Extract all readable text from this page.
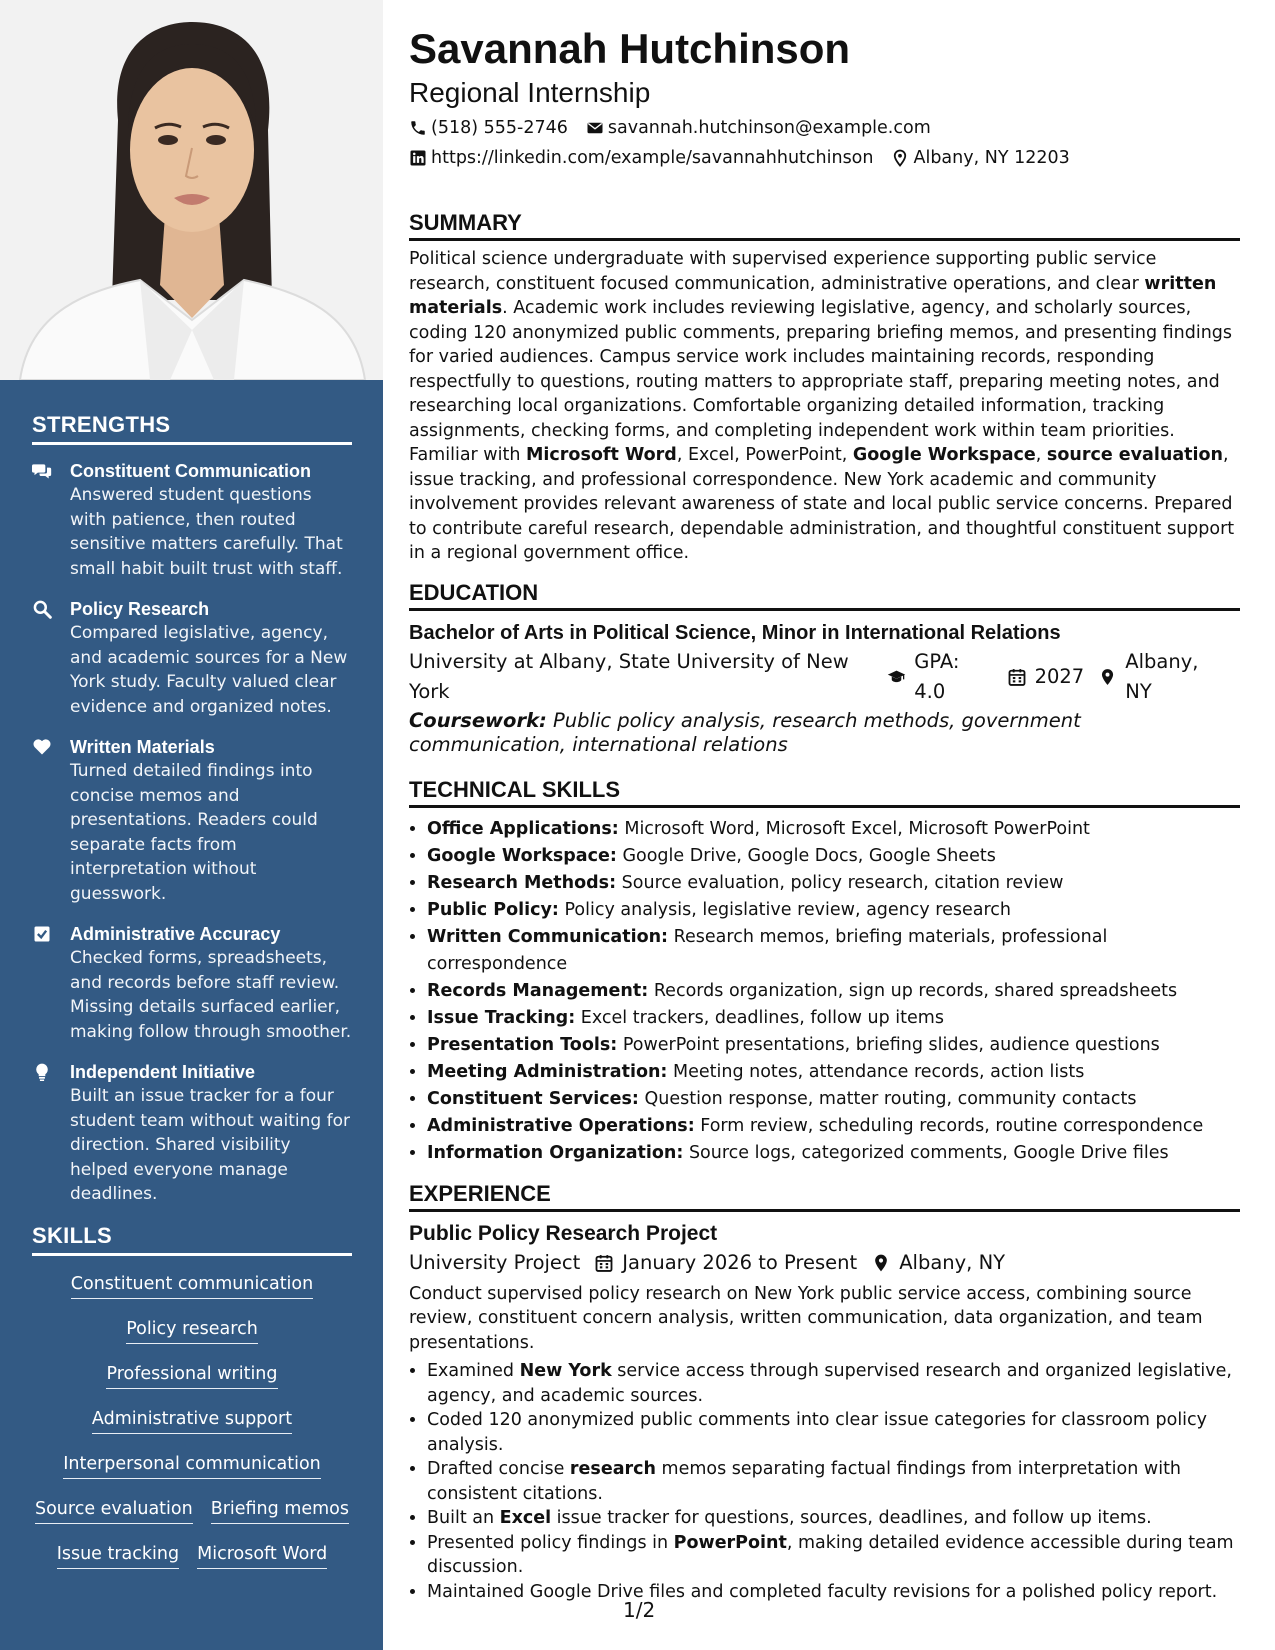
STRENGTHS
Constituent Communication
Answered student questions with patience, then routed sensitive matters carefully. That small habit built trust with staff.
Policy Research
Compared legislative, agency, and academic sources for a New York study. Faculty valued clear evidence and organized notes.
Written Materials
Turned detailed findings into concise memos and presentations. Readers could separate facts from interpretation without guesswork.
Administrative Accuracy
Checked forms, spreadsheets, and records before staff review. Missing details surfaced earlier, making follow through smoother.
Independent Initiative
Built an issue tracker for a four student team without waiting for direction. Shared visibility helped everyone manage deadlines.
SKILLS
Constituent communication
Policy research
Professional writing
Administrative support
Interpersonal communication
Source evaluation Briefing memos
Issue tracking Microsoft Word
Savannah Hutchinson
Regional Internship
(518) 555-2746 savannah.hutchinson@example.com
https://linkedin.com/example/savannahhutchinson Albany, NY 12203
SUMMARY

Political science undergraduate with supervised experience supporting public service research, constituent focused communication, administrative operations, and clear written materials. Academic work includes reviewing legislative, agency, and scholarly sources, coding 120 anonymized public comments, preparing briefing memos, and presenting findings for varied audiences. Campus service work includes maintaining records, responding respectfully to questions, routing matters to appropriate staff, preparing meeting notes, and researching local organizations. Comfortable organizing detailed information, tracking assignments, checking forms, and completing independent work within team priorities. Familiar with Microsoft Word, Excel, PowerPoint, Google Workspace, source evaluation, issue tracking, and professional correspondence. New York academic and community involvement provides relevant awareness of state and local public service concerns. Prepared to contribute careful research, dependable administration, and thoughtful constituent support in a regional government office.

EDUCATION
Bachelor of Arts in Political Science, Minor in International Relations
University at Albany, State University of New York
GPA: 4.0
2027
Albany, NY
Coursework: Public policy analysis, research methods, government communication, international relations
TECHNICAL SKILLS
• Office Applications: Microsoft Word, Microsoft Excel, Microsoft PowerPoint
• Google Workspace: Google Drive, Google Docs, Google Sheets
• Research Methods: Source evaluation, policy research, citation review
• Public Policy: Policy analysis, legislative review, agency research
• Written Communication: Research memos, briefing materials, professional correspondence
• Records Management: Records organization, sign up records, shared spreadsheets
• Issue Tracking: Excel trackers, deadlines, follow up items
• Presentation Tools: PowerPoint presentations, briefing slides, audience questions
• Meeting Administration: Meeting notes, attendance records, action lists
• Constituent Services: Question response, matter routing, community contacts
• Administrative Operations: Form review, scheduling records, routine correspondence
• Information Organization: Source logs, categorized comments, Google Drive files
EXPERIENCE
Public Policy Research Project
University Project January 2026 to Present Albany, NY

Conduct supervised policy research on New York public service access, combining source review, constituent concern analysis, written communication, data organization, and team presentations.

• Examined New York service access through supervised research and organized legislative, agency, and academic sources.
• Coded 120 anonymized public comments into clear issue categories for classroom policy analysis.
• Drafted concise research memos separating factual findings from interpretation with consistent citations.
• Built an Excel issue tracker for questions, sources, deadlines, and follow up items.
• Presented policy findings in PowerPoint, making detailed evidence accessible during team discussion.
• Maintained Google Drive files and completed faculty revisions for a polished policy report.
1/2
